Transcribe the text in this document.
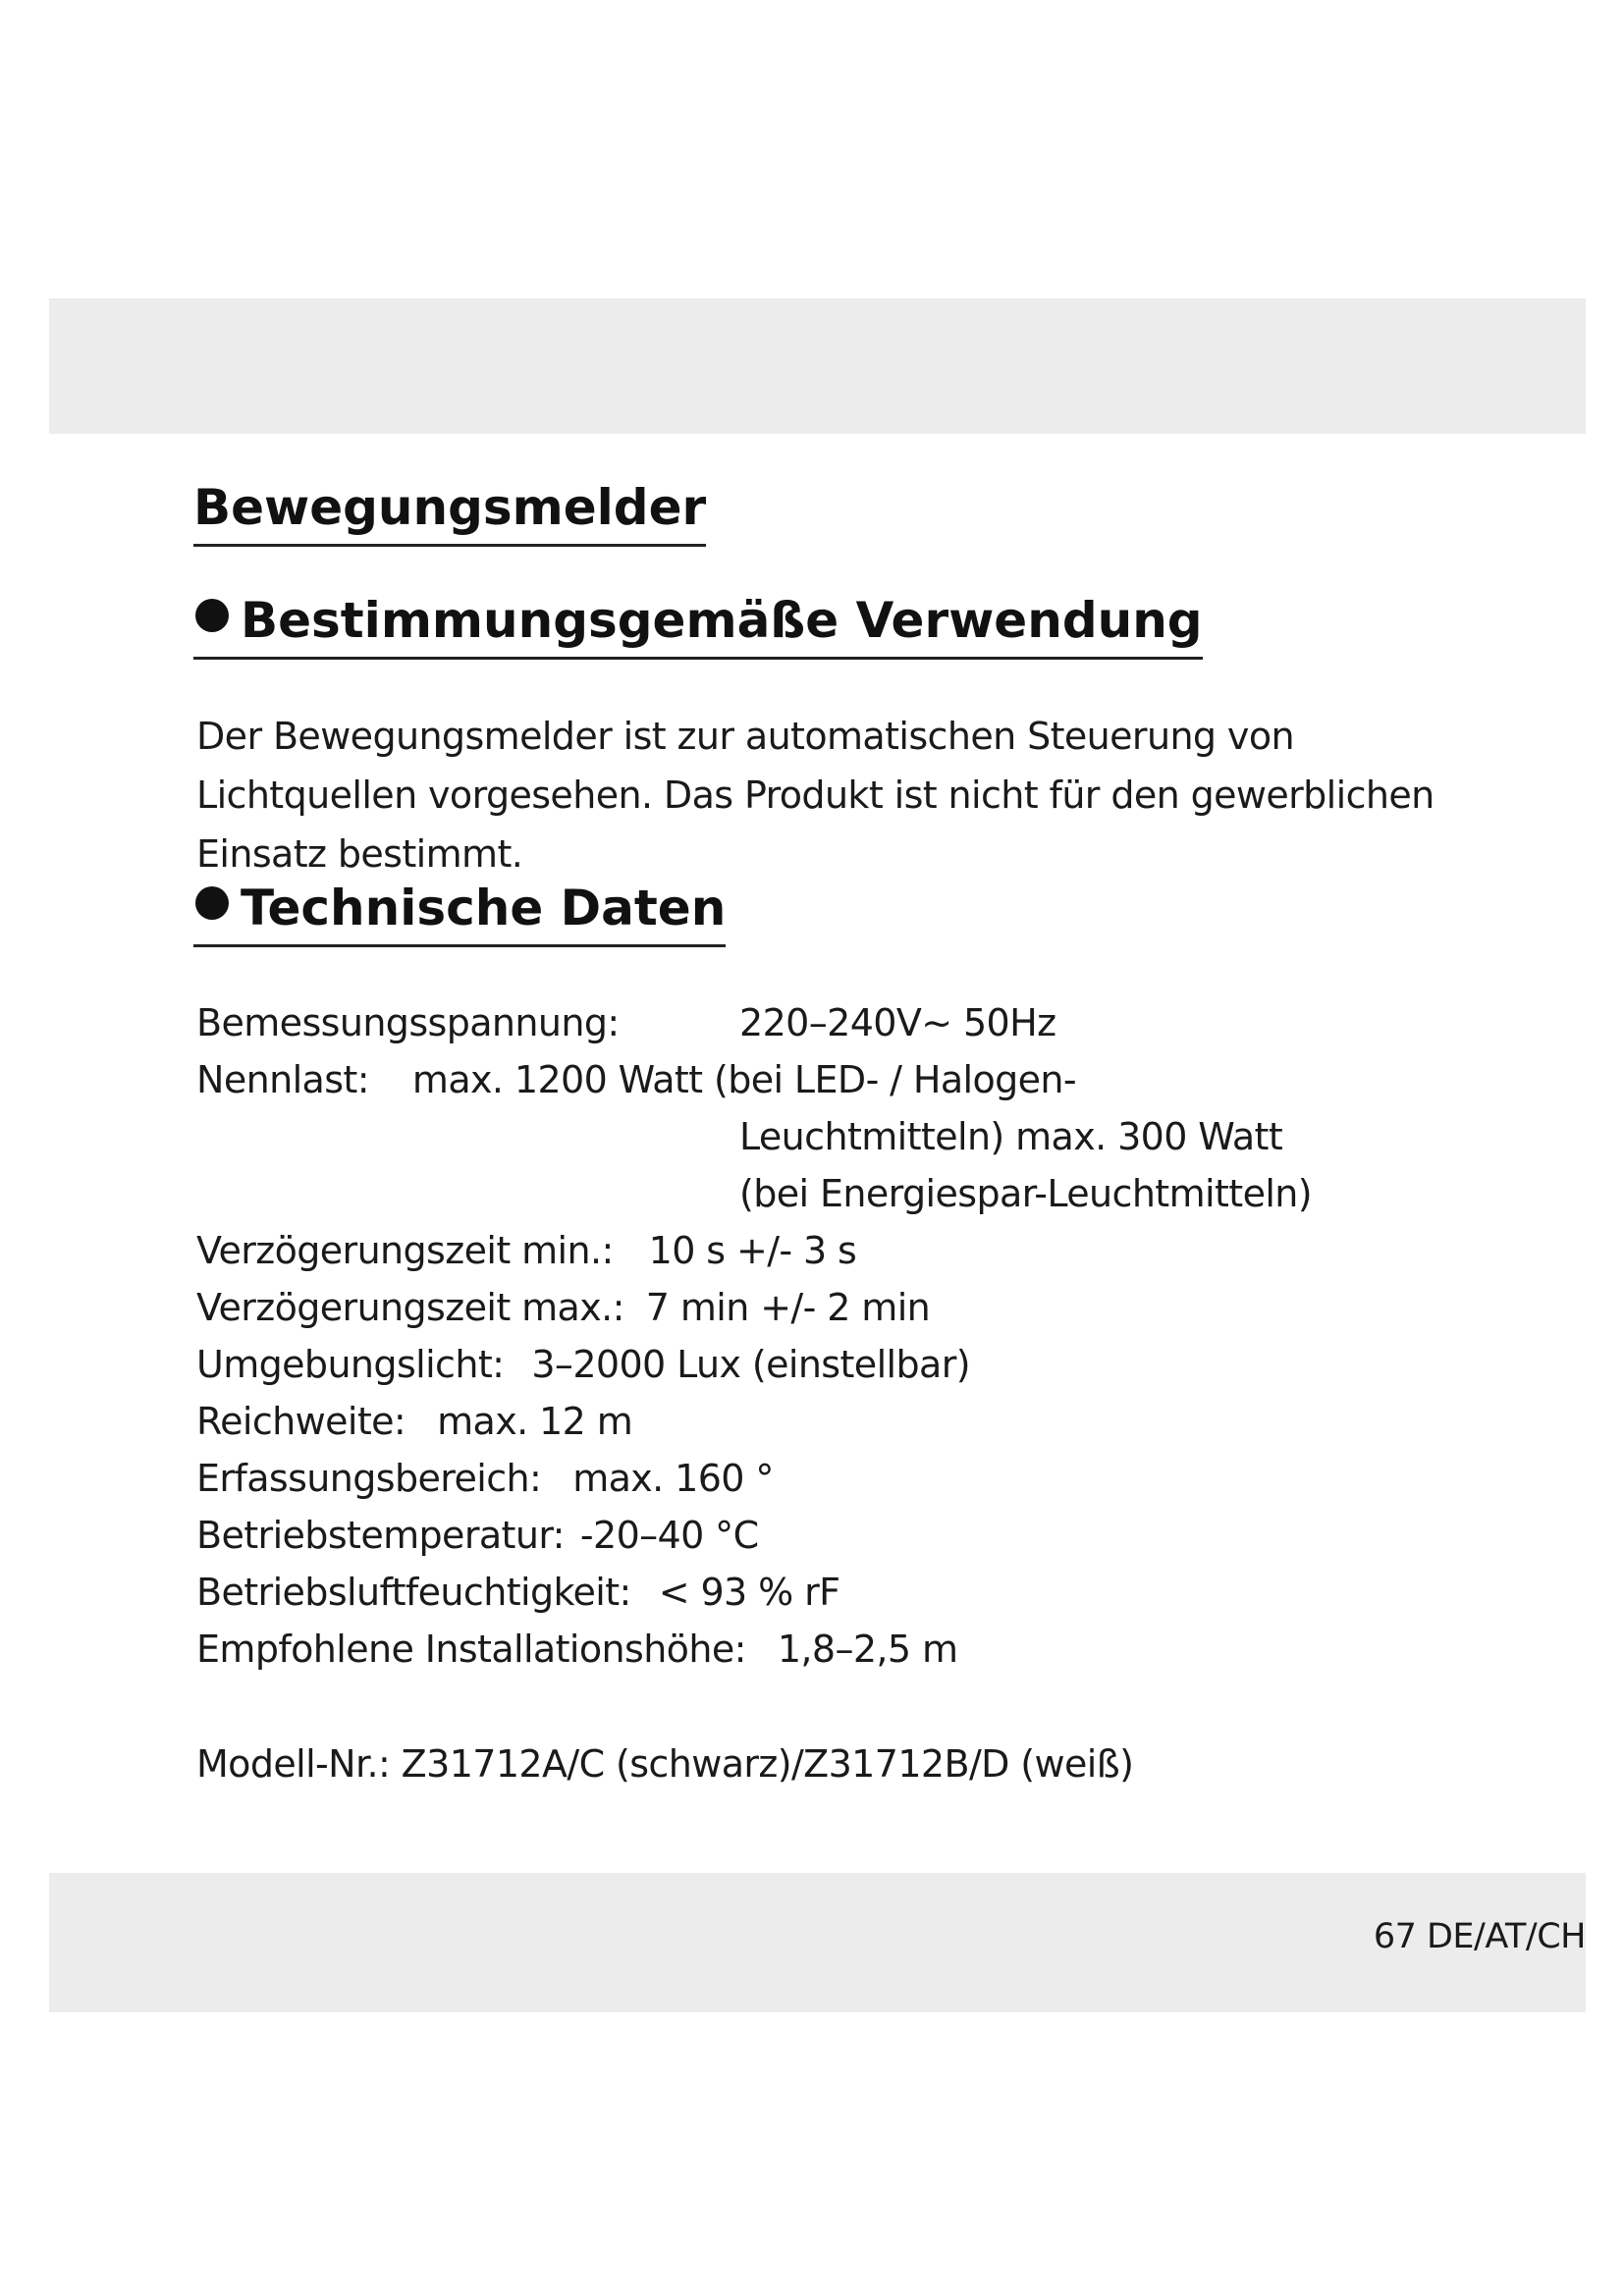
Bewegungsmelder
Bestimmungsgemäße Verwendung

Der Bewegungsmelder ist zur automatischen Steuerung von Lichtquellen vorgesehen. Das Produkt ist nicht für den gewerblichen Einsatz bestimmt.

Technische Daten
Bemessungsspannung:	220–240V~ 50Hz
Nennlast: max. 1200 Watt (bei LED- / Halogen-
Leuchtmitteln) max. 300 Watt
(bei Energiespar-Leuchtmitteln)
Verzögerungszeit min.: 10 s +/- 3 s
Verzögerungszeit max.: 7 min +/- 2 min
Umgebungslicht: 3–2000 Lux (einstellbar)
Reichweite: max. 12 m
Erfassungsbereich: max. 160 °
Betriebstemperatur: -20–40 °C
Betriebsluftfeuchtigkeit: < 93 % rF
Empfohlene Installationshöhe: 1,8–2,5 m
Modell-Nr.: Z31712A/C (schwarz)/Z31712B/D (weiß)
67 DE/AT/CH
